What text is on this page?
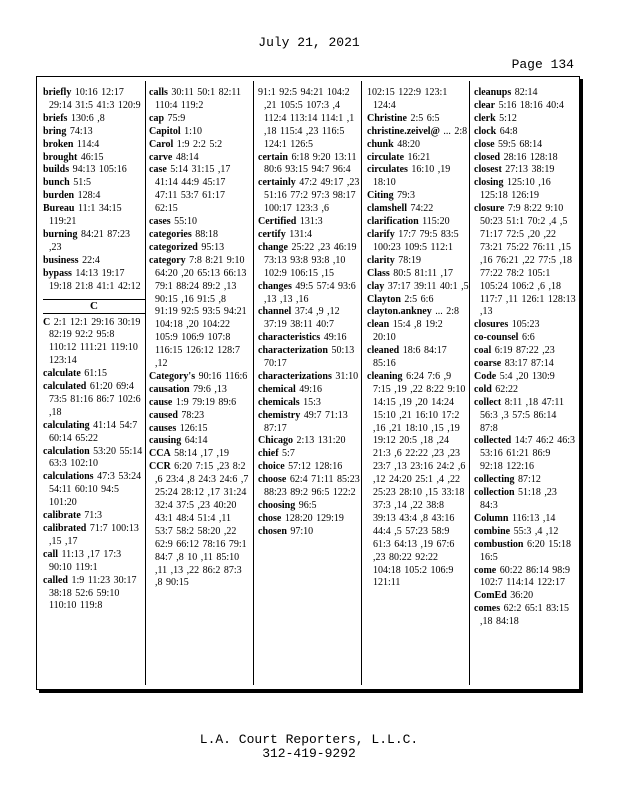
July 21, 2021
Page 134

briefly 10:16 12:17 29:14 31:5 41:3 120:9

briefs 130:6 ,8

bring 74:13

broken 114:4

brought 46:15

builds 94:13 105:16

bunch 51:5

burden 128:4

Bureau 11:1 34:15 119:21

burning 84:21 87:23 ,23

business 22:4

bypass 14:13 19:17 19:18 21:8 41:1 42:12

C

C 2:1 12:1 29:16 30:19 82:19 92:2 95:8 110:12 111:21 119:10 123:14

calculate 61:15

calculated 61:20 69:4 73:5 81:16 86:7 102:6 ,18

calculating 41:14 54:7 60:14 65:22

calculation 53:20 55:14 63:3 102:10

calculations 47:3 53:24 54:11 60:10 94:5 101:20

calibrate 71:3

calibrated 71:7 100:13 ,15 ,17

call 11:13 ,17 17:3 90:10 119:1

called 1:9 11:23 30:17 38:18 52:6 59:10 110:10 119:8

calls 30:11 50:1 82:11 110:4 119:2

cap 75:9

Capitol 1:10

Carol 1:9 2:2 5:2

carve 48:14

case 5:14 31:15 ,17 41:14 44:9 45:17 47:11 53:7 61:17 62:15

cases 55:10

categories 88:18

categorized 95:13

category 7:8 8:21 9:10 64:20 ,20 65:13 66:13 79:1 88:24 89:2 ,13 90:15 ,16 91:5 ,8 91:19 92:5 93:5 94:21 104:18 ,20 104:22 105:9 106:9 107:8 116:15 126:12 128:7 ,12

Category's 90:16 116:6

causation 79:6 ,13

cause 1:9 79:19 89:6

caused 78:23

causes 126:15

causing 64:14

CCA 58:14 ,17 ,19

CCR 6:20 7:15 ,23 8:2 ,6 23:4 ,8 24:3 24:6 ,7 25:24 28:12 ,17 31:24 32:4 37:5 ,23 40:20 43:1 48:4 51:4 ,11 53:7 58:2 58:20 ,22 62:9 66:12 78:16 79:1 84:7 ,8 10 ,11 85:10 ,11 ,13 ,22 86:2 87:3 ,8 90:15

91:1 92:5 94:21 104:2 ,21 105:5 107:3 ,4 112:4 113:14 114:1 ,1 ,18 115:4 ,23 116:5 124:1 126:5

certain 6:18 9:20 13:11 80:6 93:15 94:7 96:4

certainly 47:2 49:17 ,23 51:16 77:2 97:3 98:17 100:17 123:3 ,6

Certified 131:3

certify 131:4

change 25:22 ,23 46:19 73:13 93:8 93:8 ,10 102:9 106:15 ,15

changes 49:5 57:4 93:6 ,13 ,13 ,16

channel 37:4 ,9 ,12 37:19 38:11 40:7

characteristics 49:16

characterization 50:13 70:17

characterizations 31:10

chemical 49:16

chemicals 15:3

chemistry 49:7 71:13 87:17

Chicago 2:13 131:20

chief 5:7

choice 57:12 128:16

choose 62:4 71:11 85:23 88:23 89:2 96:5 122:2

choosing 96:5

chose 128:20 129:19

chosen 97:10

102:15 122:9 123:1 124:4

Christine 2:5 6:5

christine.zeivel@ ... 2:8

chunk 48:20

circulate 16:21

circulates 16:10 ,19 18:10

Citing 79:3

clamshell 74:22

clarification 115:20

clarify 17:7 79:5 83:5 100:23 109:5 112:1

clarity 78:19

Class 80:5 81:11 ,17

clay 37:17 39:11 40:1 ,5

Clayton 2:5 6:6

clayton.ankney ... 2:8

clean 15:4 ,8 19:2 20:10

cleaned 18:6 84:17 85:16

cleaning 6:24 7:6 ,9 7:15 ,19 ,22 8:22 9:10 14:15 ,19 ,20 14:24 15:10 ,21 16:10 17:2 ,16 ,21 18:10 ,15 ,19 19:12 20:5 ,18 ,24 21:3 ,6 22:22 ,23 ,23 23:7 ,13 23:16 24:2 ,6 ,12 24:20 25:1 ,4 ,22 25:23 28:10 ,15 33:18 37:3 ,14 ,22 38:8 39:13 43:4 ,8 43:16 44:4 ,5 57:23 58:9 61:3 64:13 ,19 67:6 ,23 80:22 92:22 104:18 105:2 106:9 121:11

cleanups 82:14

clear 5:16 18:16 40:4

clerk 5:12

clock 64:8

close 59:5 68:14

closed 28:16 128:18

closest 27:13 38:19

closing 125:10 ,16 125:18 126:19

closure 7:9 8:22 9:10 50:23 51:1 70:2 ,4 ,5 71:17 72:5 ,20 ,22 73:21 75:22 76:11 ,15 ,16 76:21 ,22 77:5 ,18 77:22 78:2 105:1 105:24 106:2 ,6 ,18 117:7 ,11 126:1 128:13 ,13

closures 105:23

co-counsel 6:6

coal 6:19 87:22 ,23

coarse 83:17 87:14

Code 5:4 ,20 130:9

cold 62:22

collect 8:11 ,18 47:11 56:3 ,3 57:5 86:14 87:8

collected 14:7 46:2 46:3 53:16 61:21 86:9 92:18 122:16

collecting 87:12

collection 51:18 ,23 84:3

Column 116:13 ,14

combine 55:3 ,4 ,12

combustion 6:20 15:18 16:5

come 60:22 86:14 98:9 102:7 114:14 122:17

ComEd 36:20

comes 62:2 65:1 83:15 ,18 84:18

L.A. Court Reporters, L.L.C.
312-419-9292
